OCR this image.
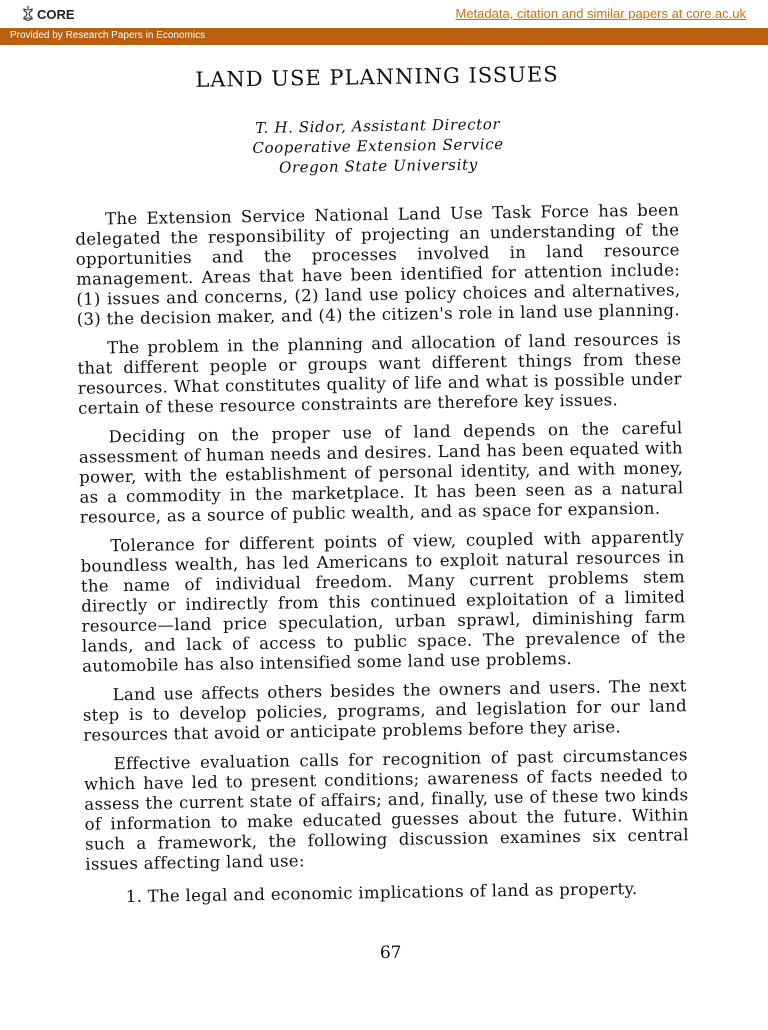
CORE	Metadata, citation and similar papers at core.ac.uk
Provided by Research Papers in Economics
LAND USE PLANNING ISSUES
T. H. Sidor, Assistant Director
Cooperative Extension Service
Oregon State University

The Extension Service National Land Use Task Force has been delegated the responsibility of projecting an understanding of the opportunities and the processes involved in land resource management. Areas that have been identified for attention include: (1) issues and concerns, (2) land use policy choices and alternatives, (3) the decision maker, and (4) the citizen's role in land use planning.

The problem in the planning and allocation of land resources is that different people or groups want different things from these resources. What constitutes quality of life and what is possible under certain of these resource constraints are therefore key issues.

Deciding on the proper use of land depends on the careful assessment of human needs and desires. Land has been equated with power, with the establishment of personal identity, and with money, as a commodity in the marketplace. It has been seen as a natural resource, as a source of public wealth, and as space for expansion.

Tolerance for different points of view, coupled with apparently boundless wealth, has led Americans to exploit natural resources in the name of individual freedom. Many current problems stem directly or indirectly from this continued exploitation of a limited resource—land price speculation, urban sprawl, diminishing farm lands, and lack of access to public space. The prevalence of the automobile has also intensified some land use problems.

Land use affects others besides the owners and users. The next step is to develop policies, programs, and legislation for our land resources that avoid or anticipate problems before they arise.

Effective evaluation calls for recognition of past circumstances which have led to present conditions; awareness of facts needed to assess the current state of affairs; and, finally, use of these two kinds of information to make educated guesses about the future. Within such a framework, the following discussion examines six central issues affecting land use:

1. The legal and economic implications of land as property.
67
